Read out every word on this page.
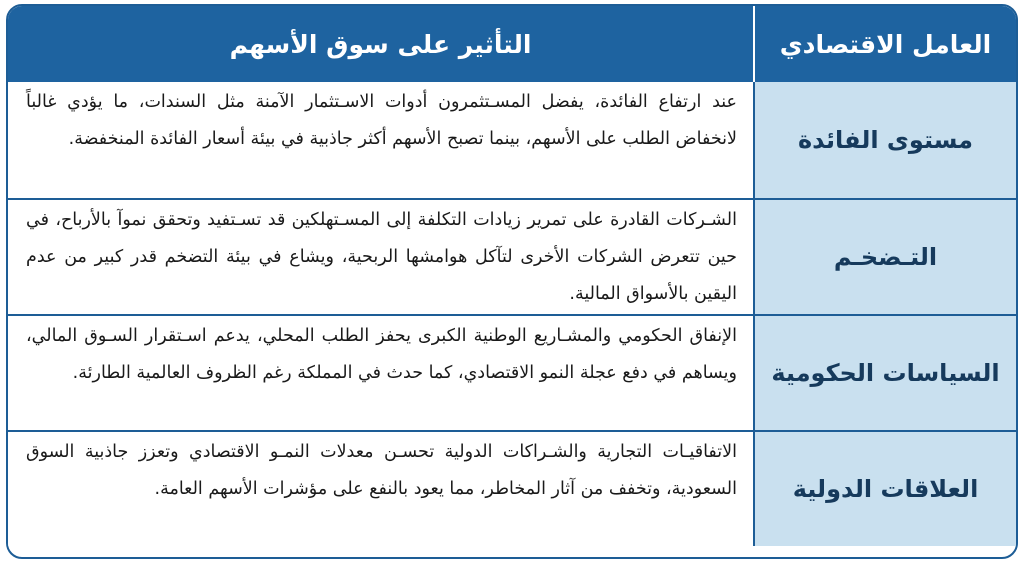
العامل الاقتصادي
التأثير على سوق الأسهم
مستوى الفائدة
عند ارتفاع الفائدة، يفضل المسـتثمرون أدوات الاسـتثمار الآمنة مثل السندات، ما يؤدي غالباً لانخفاض الطلب على الأسهم، بينما تصبح الأسهم أكثر جاذبية في بيئة أسعار الفائدة المنخفضة.
التـضخـم
الشـركات القادرة على تمرير زيادات التكلفة إلى المسـتهلكين قد تسـتفيد وتحقق نموآ بالأرباح، في حين تتعرض الشركات الأخرى لتآكل هوامشها الربحية، ويشاع في بيئة التضخم قدر كبير من عدم اليقين بالأسواق المالية.
السياسات الحكومية
الإنفاق الحكومي والمشـاريع الوطنية الكبرى يحفز الطلب المحلي، يدعم اسـتقرار السـوق المالي، ويساهم في دفع عجلة النمو الاقتصادي، كما حدث في المملكة رغم الظروف العالمية الطارئة.
العلاقات الدولية
الاتفاقيـات التجارية والشـراكات الدولية تحسـن معدلات النمـو الاقتصادي وتعزز جاذبية السوق السعودية، وتخفف من آثار المخاطر، مما يعود بالنفع على مؤشرات الأسهم العامة.
